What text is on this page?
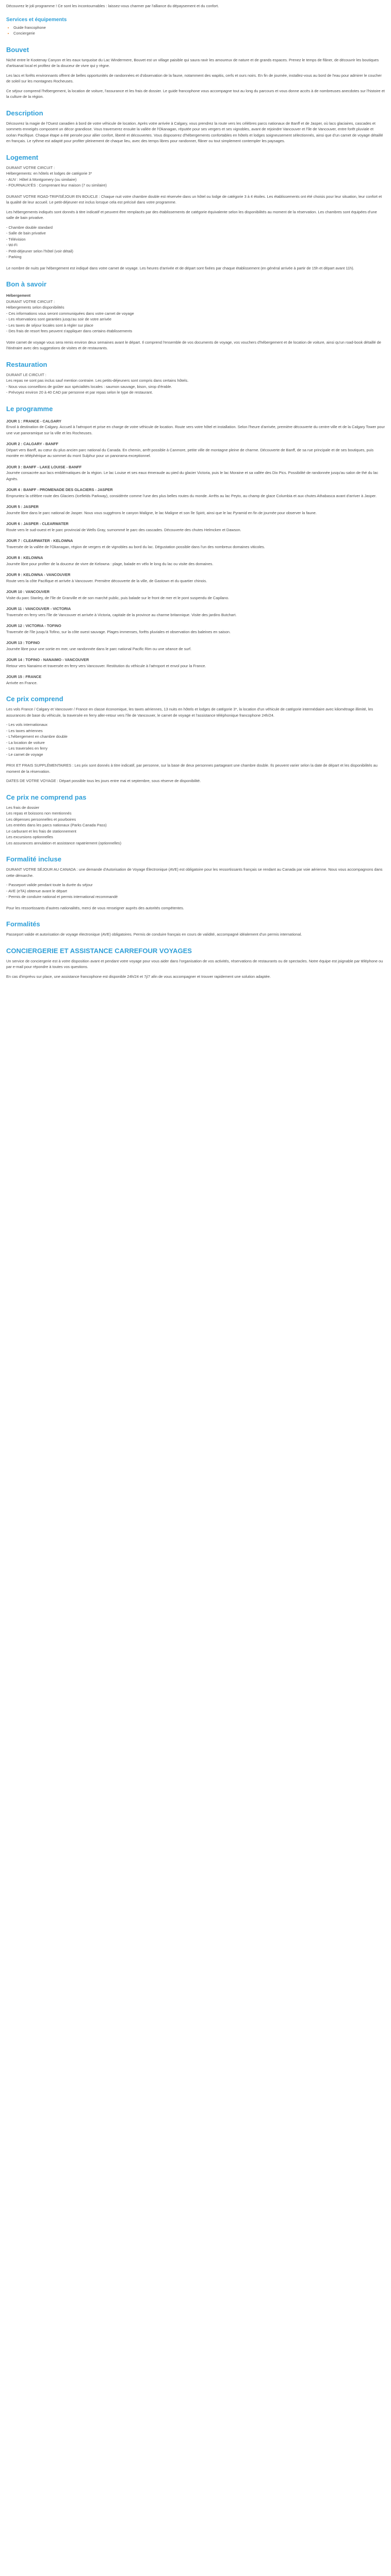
Découvrez le joli programme ! Ce sont les incontournables : laissez-vous charmer par l'alliance du dépaysement et du confort.

Services et équipements
• Guide francophone
• Conciergerie
Bouvet

Niché entre le Kootenay Canyon et les eaux turquoise du Lac Windermere, Bouvet est un village paisible qui saura ravir les amoureux de nature et de grands espaces. Prenez le temps de flâner, de découvrir les boutiques d'artisanat local et profitez de la douceur de vivre qui y règne.

Les lacs et forêts environnants offrent de belles opportunités de randonnées et d'observation de la faune, notamment des wapitis, cerfs et ours noirs. En fin de journée, installez-vous au bord de l'eau pour admirer le coucher de soleil sur les montagnes Rocheuses.

Ce séjour comprend l'hébergement, la location de voiture, l'assurance et les frais de dossier. Le guide francophone vous accompagne tout au long du parcours et vous donne accès à de nombreuses anecdotes sur l'histoire et la culture de la région.

Description

Découvrez la magie de l'Ouest canadien à bord de votre véhicule de location. Après votre arrivée à Calgary, vous prendrez la route vers les célèbres parcs nationaux de Banff et de Jasper, où lacs glaciaires, cascades et sommets enneigés composent un décor grandiose. Vous traverserez ensuite la vallée de l'Okanagan, réputée pour ses vergers et ses vignobles, avant de rejoindre Vancouver et l'île de Vancouver, entre forêt pluviale et océan Pacifique. Chaque étape a été pensée pour allier confort, liberté et découvertes. Vous disposerez d'hébergements confortables en hôtels et lodges soigneusement sélectionnés, ainsi que d'un carnet de voyage détaillé en français. Le rythme est adapté pour profiter pleinement de chaque lieu, avec des temps libres pour randonner, flâner ou tout simplement contempler les paysages.

Logement
DURANT VOTRE CIRCUIT :
Hébergements: en hôtels et lodges de catégorie 3*
- AUV : Hôtel à Montgomery (ou similaire)
- FOURNAUX'ÉS : Comprenant leur maison (7 ou similaire)

DURANT VOTRE ROAD-TRIP/SÉJOUR EN BOUCLE : Chaque nuit votre chambre double est réservée dans un hôtel ou lodge de catégorie 3 à 4 étoiles. Les établissements ont été choisis pour leur situation, leur confort et la qualité de leur accueil. Le petit-déjeuner est inclus lorsque cela est précisé dans votre programme.

Les hébergements indiqués sont donnés à titre indicatif et peuvent être remplacés par des établissements de catégorie équivalente selon les disponibilités au moment de la réservation. Les chambres sont équipées d'une salle de bain privative.

- Chambre double standard
- Salle de bain privative
- Télévision
- Wi-Fi
- Petit-déjeuner selon l'hôtel (voir détail)
- Parking

Le nombre de nuits par hébergement est indiqué dans votre carnet de voyage. Les heures d'arrivée et de départ sont fixées par chaque établissement (en général arrivée à partir de 15h et départ avant 11h).

Bon à savoir
Hébergement
DURANT VOTRE CIRCUIT :
Hébergements selon disponibilités
- Ces informations vous seront communiquées dans votre carnet de voyage
- Les réservations sont garanties jusqu'au soir de votre arrivée
- Les taxes de séjour locales sont à régler sur place
- Des frais de resort fees peuvent s'appliquer dans certains établissements

Votre carnet de voyage vous sera remis environ deux semaines avant le départ. Il comprend l'ensemble de vos documents de voyage, vos vouchers d'hébergement et de location de voiture, ainsi qu'un road-book détaillé de l'itinéraire avec des suggestions de visites et de restaurants.

Restauration
DURANT LE CIRCUIT :
Les repas ne sont pas inclus sauf mention contraire. Les petits-déjeuners sont compris dans certains hôtels.
- Nous vous conseillons de goûter aux spécialités locales : saumon sauvage, bison, sirop d'érable.
- Prévoyez environ 20 à 40 CAD par personne et par repas selon le type de restaurant.
Le programme
JOUR 1 : FRANCE - CALGARY

Envol à destination de Calgary. Accueil à l'aéroport et prise en charge de votre véhicule de location. Route vers votre hôtel et installation. Selon l'heure d'arrivée, première découverte du centre-ville et de la Calgary Tower pour une vue panoramique sur la ville et les Rocheuses.

JOUR 2 : CALGARY - BANFF

Départ vers Banff, au cœur du plus ancien parc national du Canada. En chemin, arrêt possible à Canmore, petite ville de montagne pleine de charme. Découverte de Banff, de sa rue principale et de ses boutiques, puis montée en téléphérique au sommet du mont Sulphur pour un panorama exceptionnel.

JOUR 3 : BANFF - LAKE LOUISE - BANFF

Journée consacrée aux lacs emblématiques de la région. Le lac Louise et ses eaux émeraude au pied du glacier Victoria, puis le lac Moraine et sa vallée des Dix Pics. Possibilité de randonnée jusqu'au salon de thé du lac Agnès.

JOUR 4 : BANFF - PROMENADE DES GLACIERS - JASPER

Empruntez la célèbre route des Glaciers (Icefields Parkway), considérée comme l'une des plus belles routes du monde. Arrêts au lac Peyto, au champ de glace Columbia et aux chutes Athabasca avant d'arriver à Jasper.

JOUR 5 : JASPER

Journée libre dans le parc national de Jasper. Nous vous suggérons le canyon Maligne, le lac Maligne et son île Spirit, ainsi que le lac Pyramid en fin de journée pour observer la faune.

JOUR 6 : JASPER - CLEARWATER

Route vers le sud-ouest et le parc provincial de Wells Gray, surnommé le parc des cascades. Découverte des chutes Helmcken et Dawson.

JOUR 7 : CLEARWATER - KELOWNA

Traversée de la vallée de l'Okanagan, région de vergers et de vignobles au bord du lac. Dégustation possible dans l'un des nombreux domaines viticoles.

JOUR 8 : KELOWNA

Journée libre pour profiter de la douceur de vivre de Kelowna : plage, balade en vélo le long du lac ou visite des domaines.

JOUR 9 : KELOWNA - VANCOUVER

Route vers la côte Pacifique et arrivée à Vancouver. Première découverte de la ville, de Gastown et du quartier chinois.

JOUR 10 : VANCOUVER

Visite du parc Stanley, de l'île de Granville et de son marché public, puis balade sur le front de mer et le pont suspendu de Capilano.

JOUR 11 : VANCOUVER - VICTORIA

Traversée en ferry vers l'île de Vancouver et arrivée à Victoria, capitale de la province au charme britannique. Visite des jardins Butchart.

JOUR 12 : VICTORIA - TOFINO

Traversée de l'île jusqu'à Tofino, sur la côte ouest sauvage. Plages immenses, forêts pluviales et observation des baleines en saison.

JOUR 13 : TOFINO

Journée libre pour une sortie en mer, une randonnée dans le parc national Pacific Rim ou une séance de surf.

JOUR 14 : TOFINO - NANAIMO - VANCOUVER

Retour vers Nanaimo et traversée en ferry vers Vancouver. Restitution du véhicule à l'aéroport et envol pour la France.

JOUR 15 : FRANCE

Arrivée en France.

Ce prix comprend

Les vols France / Calgary et Vancouver / France en classe économique, les taxes aériennes, 13 nuits en hôtels et lodges de catégorie 3*, la location d'un véhicule de catégorie intermédiaire avec kilométrage illimité, les assurances de base du véhicule, la traversée en ferry aller-retour vers l'île de Vancouver, le carnet de voyage et l'assistance téléphonique francophone 24h/24.

- Les vols internationaux
- Les taxes aériennes
- L'hébergement en chambre double
- La location de voiture
- Les traversées en ferry
- Le carnet de voyage

PRIX ET FRAIS SUPPLÉMENTAIRES : Les prix sont donnés à titre indicatif, par personne, sur la base de deux personnes partageant une chambre double. Ils peuvent varier selon la date de départ et les disponibilités au moment de la réservation.

DATES DE VOTRE VOYAGE : Départ possible tous les jours entre mai et septembre, sous réserve de disponibilité.

Ce prix ne comprend pas
Les frais de dossier
Les repas et boissons non mentionnés
Les dépenses personnelles et pourboires
Les entrées dans les parcs nationaux (Parks Canada Pass)
Le carburant et les frais de stationnement
Les excursions optionnelles
Les assurances annulation et assistance rapatriement (optionnelles)
Formalité incluse

DURANT VOTRE SÉJOUR AU CANADA : une demande d'Autorisation de Voyage Électronique (AVE) est obligatoire pour les ressortissants français se rendant au Canada par voie aérienne. Nous vous accompagnons dans cette démarche.

- Passeport valide pendant toute la durée du séjour
- AVE (eTA) obtenue avant le départ
- Permis de conduire national et permis international recommandé

Pour les ressortissants d'autres nationalités, merci de vous renseigner auprès des autorités compétentes.

Formalités

Passeport valide et autorisation de voyage électronique (AVE) obligatoires. Permis de conduire français en cours de validité, accompagné idéalement d'un permis international.

CONCIERGERIE ET ASSISTANCE CARREFOUR VOYAGES

Un service de conciergerie est à votre disposition avant et pendant votre voyage pour vous aider dans l'organisation de vos activités, réservations de restaurants ou de spectacles. Notre équipe est joignable par téléphone ou par e-mail pour répondre à toutes vos questions.

En cas d'imprévu sur place, une assistance francophone est disponible 24h/24 et 7j/7 afin de vous accompagner et trouver rapidement une solution adaptée.
